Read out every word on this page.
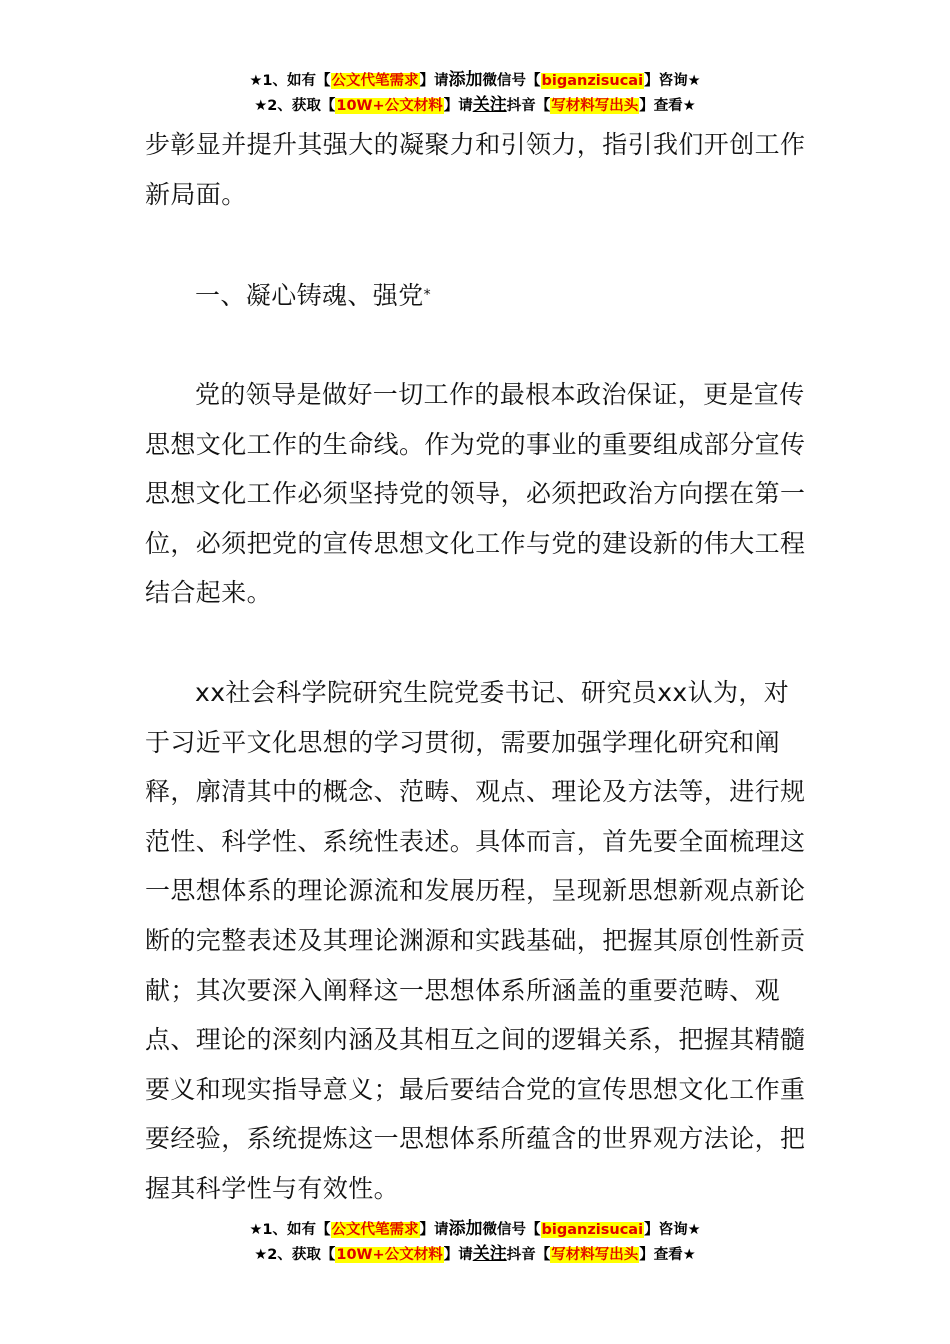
★1、如有【公文代笔需求】请添加微信号【biganzisucai】咨询★
★2、获取【10W+公文材料】请关注抖音【写材料写出头】查看★

步彰显并提升其强大的凝聚力和引领力，指引我们开创工作新局面。

一、凝心铸魂、强党*

党的领导是做好一切工作的最根本政治保证，更是宣传思想文化工作的生命线。作为党的事业的重要组成部分宣传思想文化工作必须坚持党的领导，必须把政治方向摆在第一位，必须把党的宣传思想文化工作与党的建设新的伟大工程结合起来。

xx社会科学院研究生院党委书记、研究员xx认为，对于习近平文化思想的学习贯彻，需要加强学理化研究和阐释，廓清其中的概念、范畴、观点、理论及方法等，进行规范性、科学性、系统性表述。具体而言，首先要全面梳理这一思想体系的理论源流和发展历程，呈现新思想新观点新论断的完整表述及其理论渊源和实践基础，把握其原创性新贡献；其次要深入阐释这一思想体系所涵盖的重要范畴、观点、理论的深刻内涵及其相互之间的逻辑关系，把握其精髓要义和现实指导意义；最后要结合党的宣传思想文化工作重要经验，系统提炼这一思想体系所蕴含的世界观方法论，把握其科学性与有效性。

★1、如有【公文代笔需求】请添加微信号【biganzisucai】咨询★
★2、获取【10W+公文材料】请关注抖音【写材料写出头】查看★
